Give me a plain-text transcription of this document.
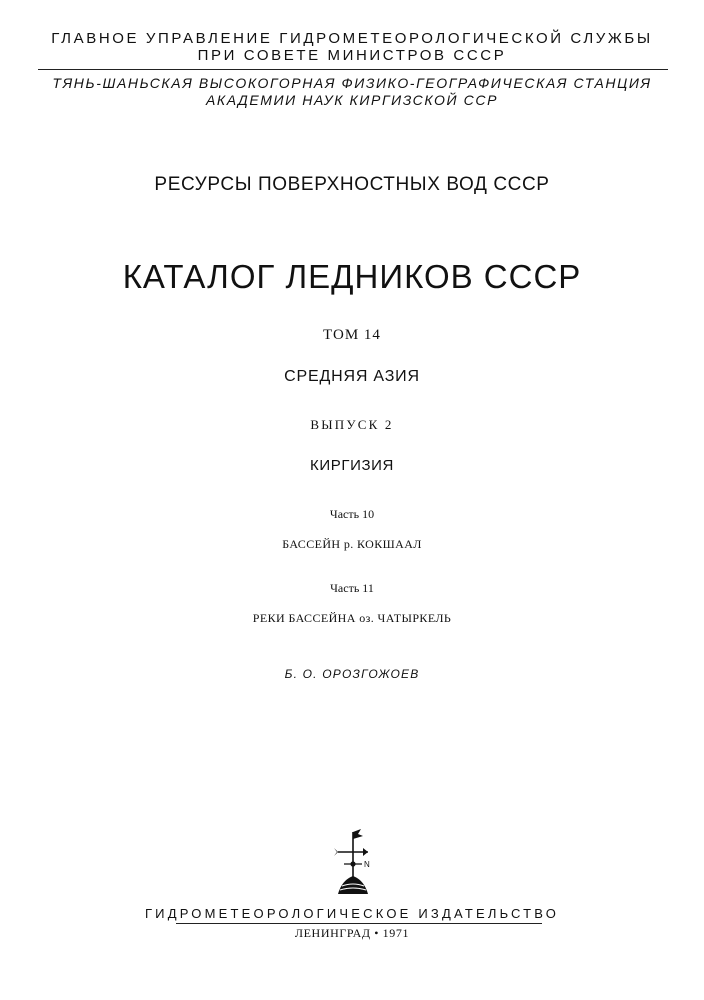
ГЛАВНОЕ УПРАВЛЕНИЕ ГИДРОМЕТЕОРОЛОГИЧЕСКОЙ СЛУЖБЫ
ПРИ СОВЕТЕ МИНИСТРОВ СССР
ТЯНЬ-ШАНЬСКАЯ ВЫСОКОГОРНАЯ ФИЗИКО-ГЕОГРАФИЧЕСКАЯ СТАНЦИЯ
АКАДЕМИИ НАУК КИРГИЗСКОЙ ССР
РЕСУРСЫ ПОВЕРХНОСТНЫХ ВОД СССР
КАТАЛОГ ЛЕДНИКОВ СССР
ТОМ 14
СРЕДНЯЯ АЗИЯ
ВЫПУСК 2
КИРГИЗИЯ
Часть 10
БАССЕЙН р. КОКШААЛ
Часть 11
РЕКИ БАССЕЙНА оз. ЧАТЫРКЕЛЬ
Б. О. ОРОЗГОЖОЕВ
N
ГИДРОМЕТЕОРОЛОГИЧЕСКОЕ ИЗДАТЕЛЬСТВО
ЛЕНИНГРАД • 1971
